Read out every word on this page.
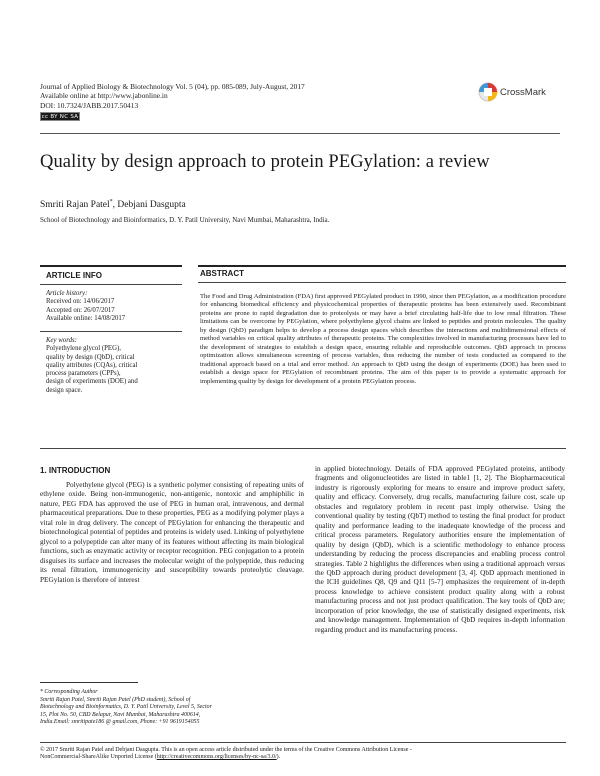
Journal of Applied Biology & Biotechnology Vol. 5 (04), pp. 085-089, July-August, 2017
Available online at http://www.jabonline.in
DOI: 10.7324/JABB.2017.50413
cc BY NC SA
CrossMark
Quality by design approach to protein PEGylation: a review
Smriti Rajan Patel*, Debjani Dasgupta
School of Biotechnology and Bioinformatics, D. Y. Patil University, Navi Mumbai, Maharashtra, India.
ARTICLE INFO	ABSTRACT
Article history:
Received on: 14/06/2017
Accepted on: 26/07/2017
Available online: 14/08/2017
Key words:
Polyethylene glycol (PEG),
quality by design (QbD), critical
quality attributes (CQAs), critical
process parameters (CPPs),
design of experiments (DOE) and
design space.
The Food and Drug Administration (FDA) first approved PEGylated product in 1990, since then PEGylation, as a modification procedure for enhancing biomedical efficiency and physicochemical properties of therapeutic proteins has been extensively used. Recombinant proteins are prone to rapid degradation due to proteolysis or may have a brief circulating half-life due to low renal filtration. These limitations can be overcome by PEGylation, where polyethylene glycol chains are linked to peptides and protein molecules. The quality by design (QbD) paradigm helps to develop a process design spaces which describes the interactions and multidimensional effects of method variables on critical quality attributes of therapeutic proteins. The complexities involved in manufacturing processes have led to the development of strategies to establish a design space, ensuring reliable and reproducible outcomes. QbD approach in process optimization allows simultaneous screening of process variables, thus reducing the number of tests conducted as compared to the traditional approach based on a trial and error method. An approach to QbD using the design of experiments (DOE) has been used to establish a design space for PEGylation of recombinant proteins. The aim of this paper is to provide a systematic approach for implementing quality by design for development of a protein PEGylation process.
1. INTRODUCTION

Polyethylene glycol (PEG) is a synthetic polymer consisting of repeating units of ethylene oxide. Being non-immunogenic, non-antigenic, nontoxic and amphiphilic in nature, PEG FDA has approved the use of PEG in human oral, intravenous, and dermal pharmaceutical preparations. Due to these properties, PEG as a modifying polymer plays a vital role in drug delivery. The concept of PEGylation for enhancing the therapeutic and biotechnological potential of peptides and proteins is widely used. Linking of polyethylene glycol to a polypeptide can alter many of its features without affecting its main biological functions, such as enzymatic activity or receptor recognition. PEG conjugation to a protein disguises its surface and increases the molecular weight of the polypeptide, thus reducing its renal filtration, immunogenicity and susceptibility towards proteolytic cleavage. PEGylation is therefore of interest

in applied biotechnology. Details of FDA approved PEGylated proteins, antibody fragments and oligonucleotides are listed in table1 [1, 2]. The Biopharmaceutical industry is rigorously exploring for means to ensure and improve product safety, quality and efficacy. Conversely, drug recalls, manufacturing failure cost, scale up obstacles and regulatory problem in recent past imply otherwise. Using the conventional quality by testing (QbT) method to testing the final product for product quality and performance leading to the inadequate knowledge of the process and critical process parameters. Regulatory authorities ensure the implementation of quality by design (QbD), which is a scientific methodology to enhance process understanding by reducing the process discrepancies and enabling process control strategies. Table 2 highlights the differences when using a traditional approach versus the QbD approach during product development [3, 4]. QbD approach mentioned in the ICH guidelines Q8, Q9 and Q11 [5-7] emphasizes the requirement of in-depth process knowledge to achieve consistent product quality along with a robust manufacturing process and not just product qualification. The key tools of QbD are; incorporation of prior knowledge, the use of statistically designed experiments, risk and knowledge management. Implementation of QbD requires in-depth information regarding product and its manufacturing process.

* Corresponding Author
Smriti Rajan Patel, Smriti Rajan Patel (PhD student), School of
Biotechnology and Bioinformatics, D. Y. Patil University, Level 5, Sector
15, Plot No. 50, CBD Belapur, Navi Mumbai, Maharashtra 400614,
India.Email: smritipate186 @ gmail.com, Phone: +91 9619154055
© 2017 Smriti Rajan Patel and Debjani Dasgupta. This is an open access article distributed under the terms of the Creative Commons Attribution License -
NonCommercial-ShareAlike Unported License (http://creativecommons.org/licenses/by-nc-sa/3.0/).
